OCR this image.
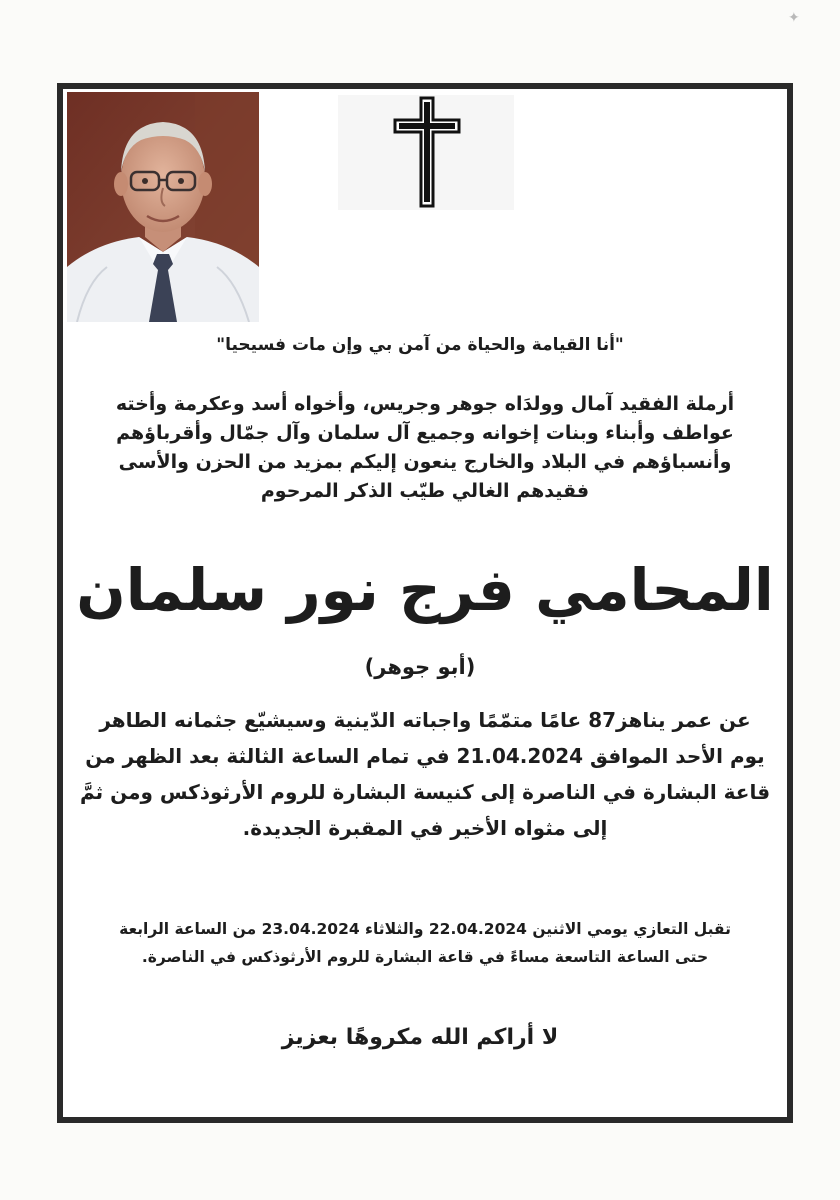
✦
"أنا القيامة والحياة من آمن بي وإن مات فسيحيا"
أرملة الفقيد آمال وولدَاه جوهر وجريس، وأخواه أسد وعكرمة وأخته
عواطف وأبناء وبنات إخوانه وجميع آل سلمان وآل جمّال وأقرباؤهم
وأنسباؤهم في البلاد والخارج ينعون إليكم بمزيد من الحزن والأسى
فقيدهم الغالي طيّب الذكر المرحوم
المحامي فرج نور سلمان
(أبو جوهر)
عن عمر يناهز87 عامًا متمّمًا واجباته الدّينية وسيشيّع جثمانه الطاهر
يوم الأحد الموافق 21.04.2024 في تمام الساعة الثالثة بعد الظهر من
قاعة البشارة في الناصرة إلى كنيسة البشارة للروم الأرثوذكس ومن ثمَّ
إلى مثواه الأخير في المقبرة الجديدة.
تقبل التعازي يومي الاثنين 22.04.2024 والثلاثاء 23.04.2024 من الساعة الرابعة
حتى الساعة التاسعة مساءً في قاعة البشارة للروم الأرثوذكس في الناصرة.
لا أراكم الله مكروهًا بعزيز
